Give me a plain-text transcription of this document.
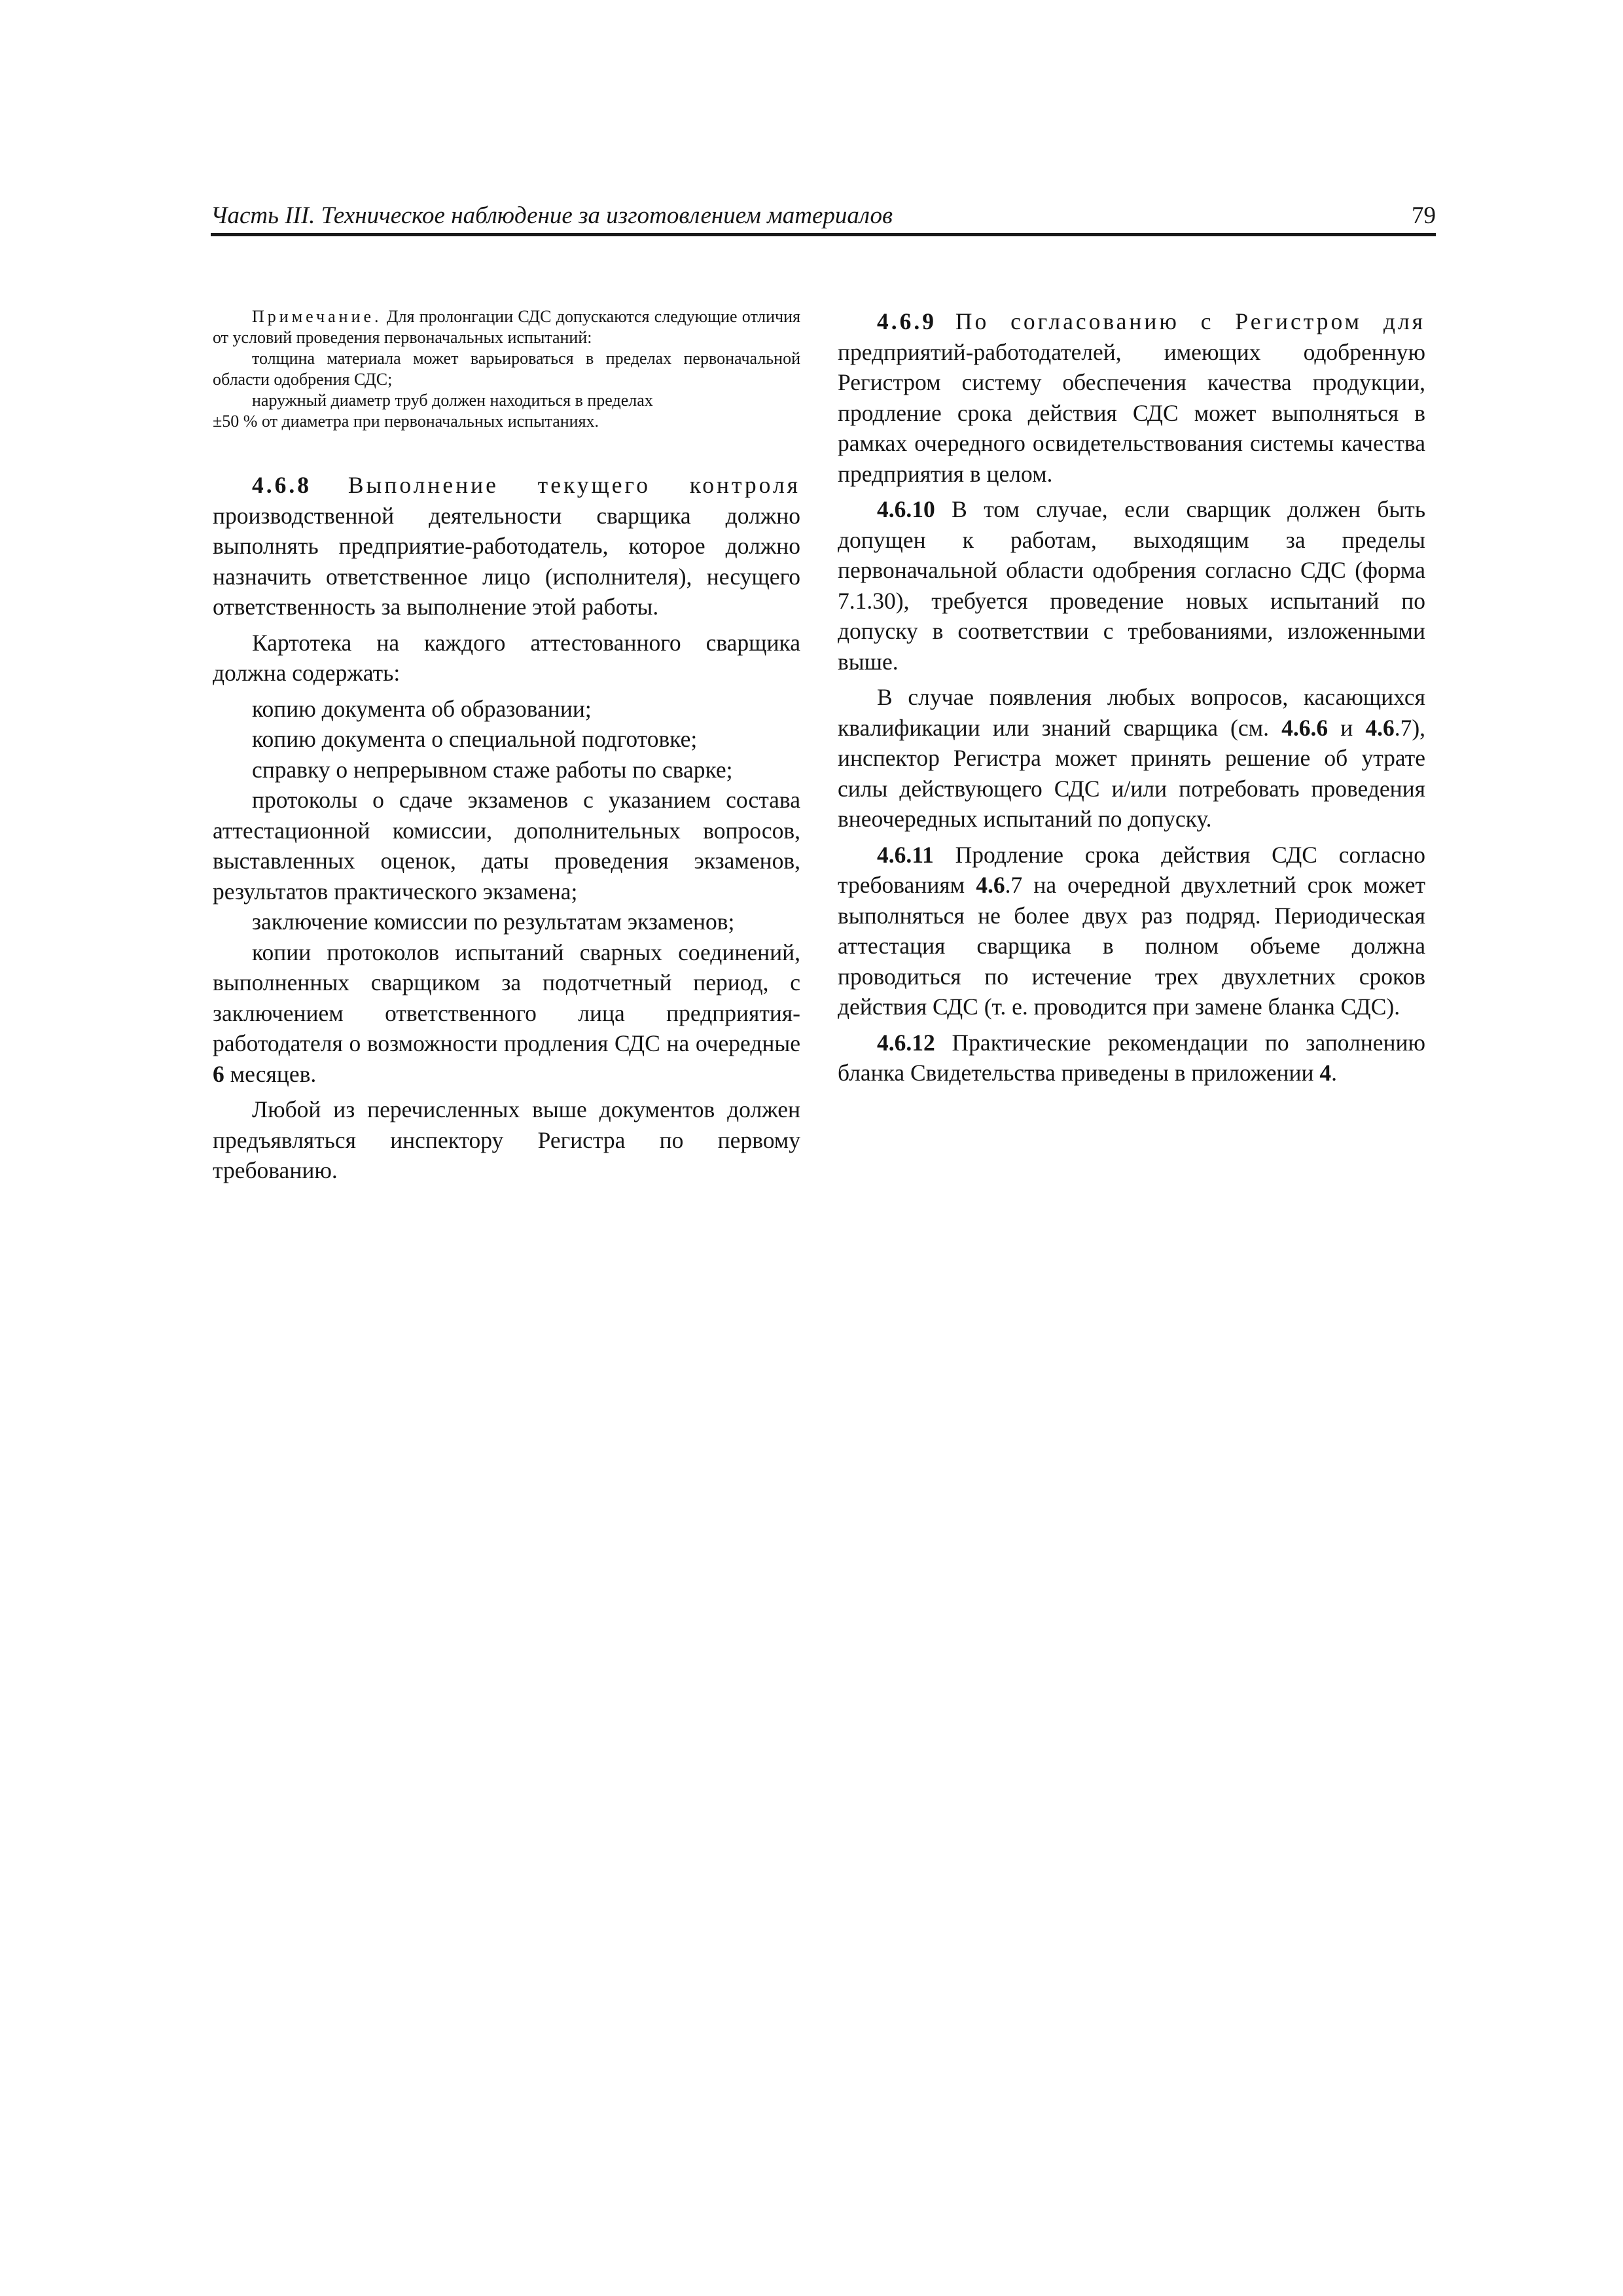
Часть III. Техническое наблюдение за изготовлением материалов	79

Примечание. Для пролонгации СДС допускаются следующие отличия от условий проведения первоначальных испытаний:

толщина материала может варьироваться в пределах первоначальной области одобрения СДС;

наружный диаметр труб должен находиться в пределах

±50 % от диаметра при первоначальных испытаниях.

4.6.8 Выполнение текущего контроля производственной деятельности сварщика должно выполнять предприятие-работодатель, которое должно назначить ответственное лицо (исполнителя), несущего ответственность за выполнение этой работы.

Картотека на каждого аттестованного сварщика должна содержать:

копию документа об образовании;

копию документа о специальной подготовке;

справку о непрерывном стаже работы по сварке;

протоколы о сдаче экзаменов с указанием состава аттестационной комиссии, дополнительных вопросов, выставленных оценок, даты проведения экзаменов, результатов практического экзамена;

заключение комиссии по результатам экзаменов;

копии протоколов испытаний сварных соединений, выполненных сварщиком за подотчетный период, с заключением ответственного лица предприятия-работодателя о возможности продления СДС на очередные 6 месяцев.

Любой из перечисленных выше документов должен предъявляться инспектору Регистра по первому требованию.

4.6.9 По согласованию с Регистром для предприятий-работодателей, имеющих одобренную Регистром систему обеспечения качества продукции, продление срока действия СДС может выполняться в рамках очередного освидетельствования системы качества предприятия в целом.

4.6.10 В том случае, если сварщик должен быть допущен к работам, выходящим за пределы первоначальной области одобрения согласно СДС (форма 7.1.30), требуется проведение новых испытаний по допуску в соответствии с требованиями, изложенными выше.

В случае появления любых вопросов, касающихся квалификации или знаний сварщика (см. 4.6.6 и 4.6.7), инспектор Регистра может принять решение об утрате силы действующего СДС и/или потребовать проведения внеочередных испытаний по допуску.

4.6.11 Продление срока действия СДС согласно требованиям 4.6.7 на очередной двухлетний срок может выполняться не более двух раз подряд. Периодическая аттестация сварщика в полном объеме должна проводиться по истечение трех двухлетних сроков действия СДС (т. е. проводится при замене бланка СДС).

4.6.12 Практические рекомендации по заполнению бланка Свидетельства приведены в приложении 4.
